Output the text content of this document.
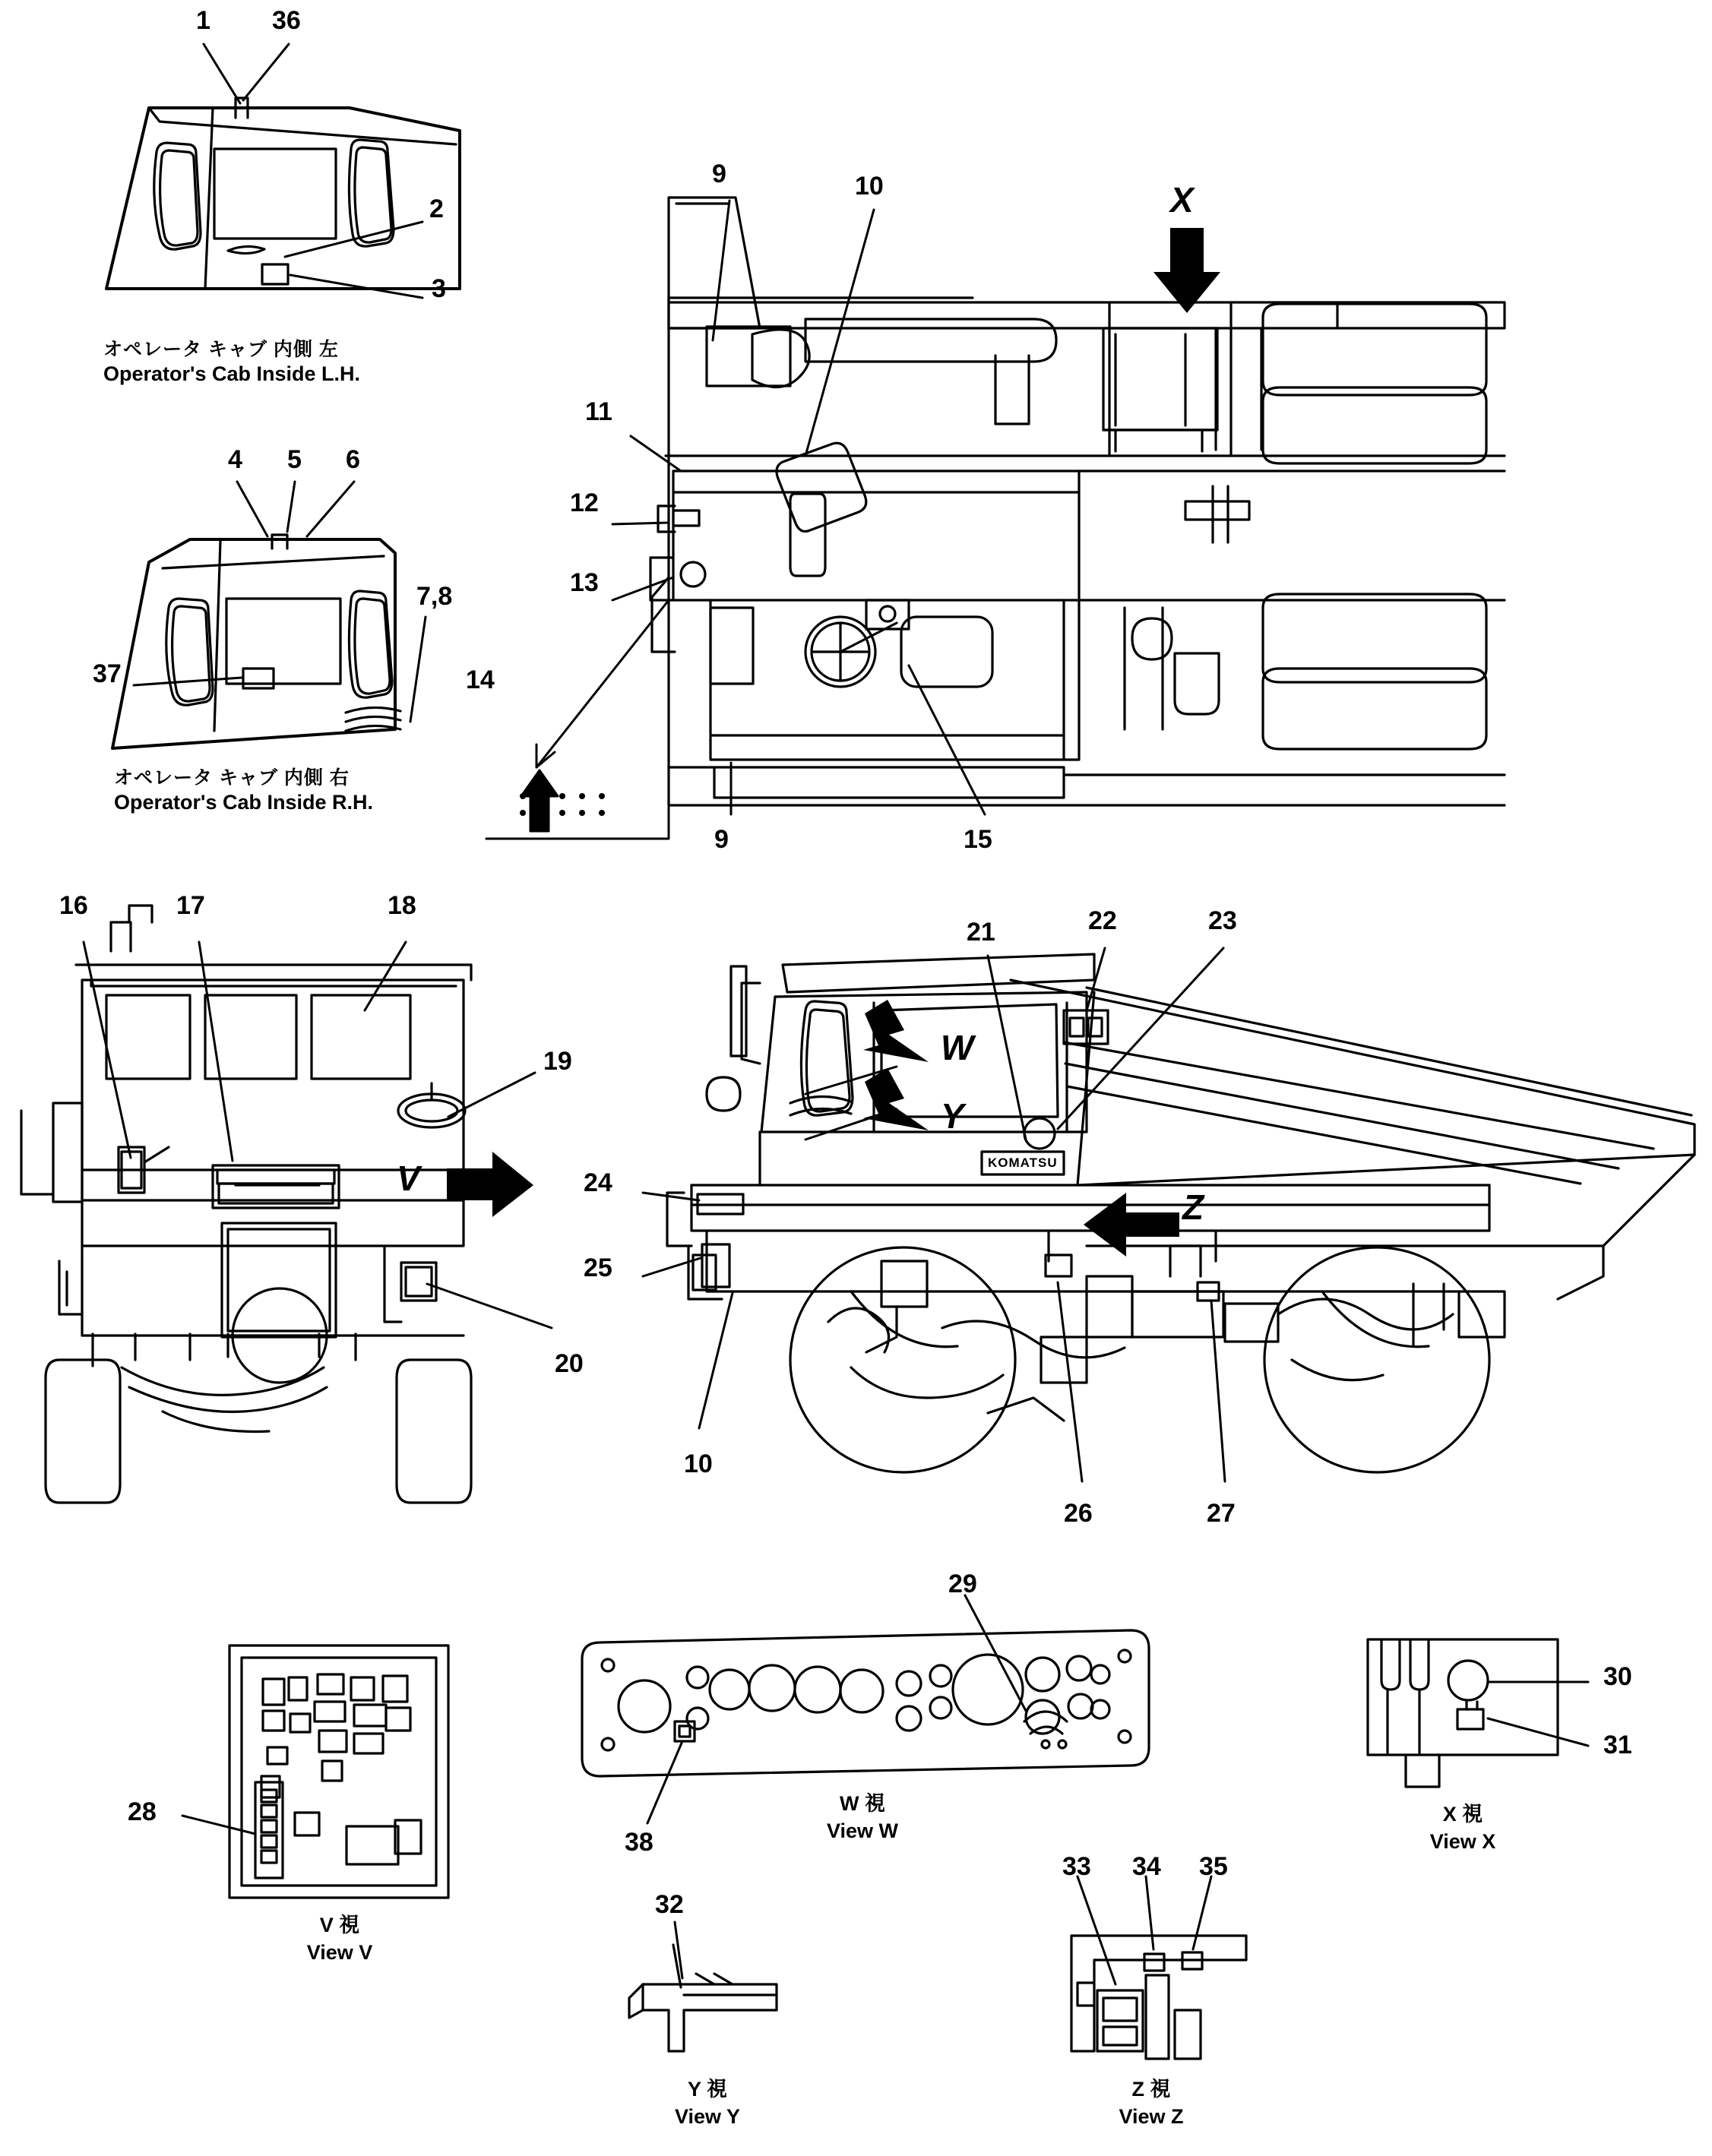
1 36
2
3
4 5 6
7,8
37	14
9	10
11
12
13
9	15
16	17	18
19
20
21	22	23
24
25
10
26	27
28
29
38
32
33 34 35
30
31
X
V
W
Y
Z
KOMATSU
オペレータ キャブ 内側 左
Operator's Cab Inside L.H.
オペレータ キャブ 内側 右
Operator's Cab Inside R.H.
V 視
View V
W 視
View W
X 視
View X
Y 視
View Y
Z 視
View Z
